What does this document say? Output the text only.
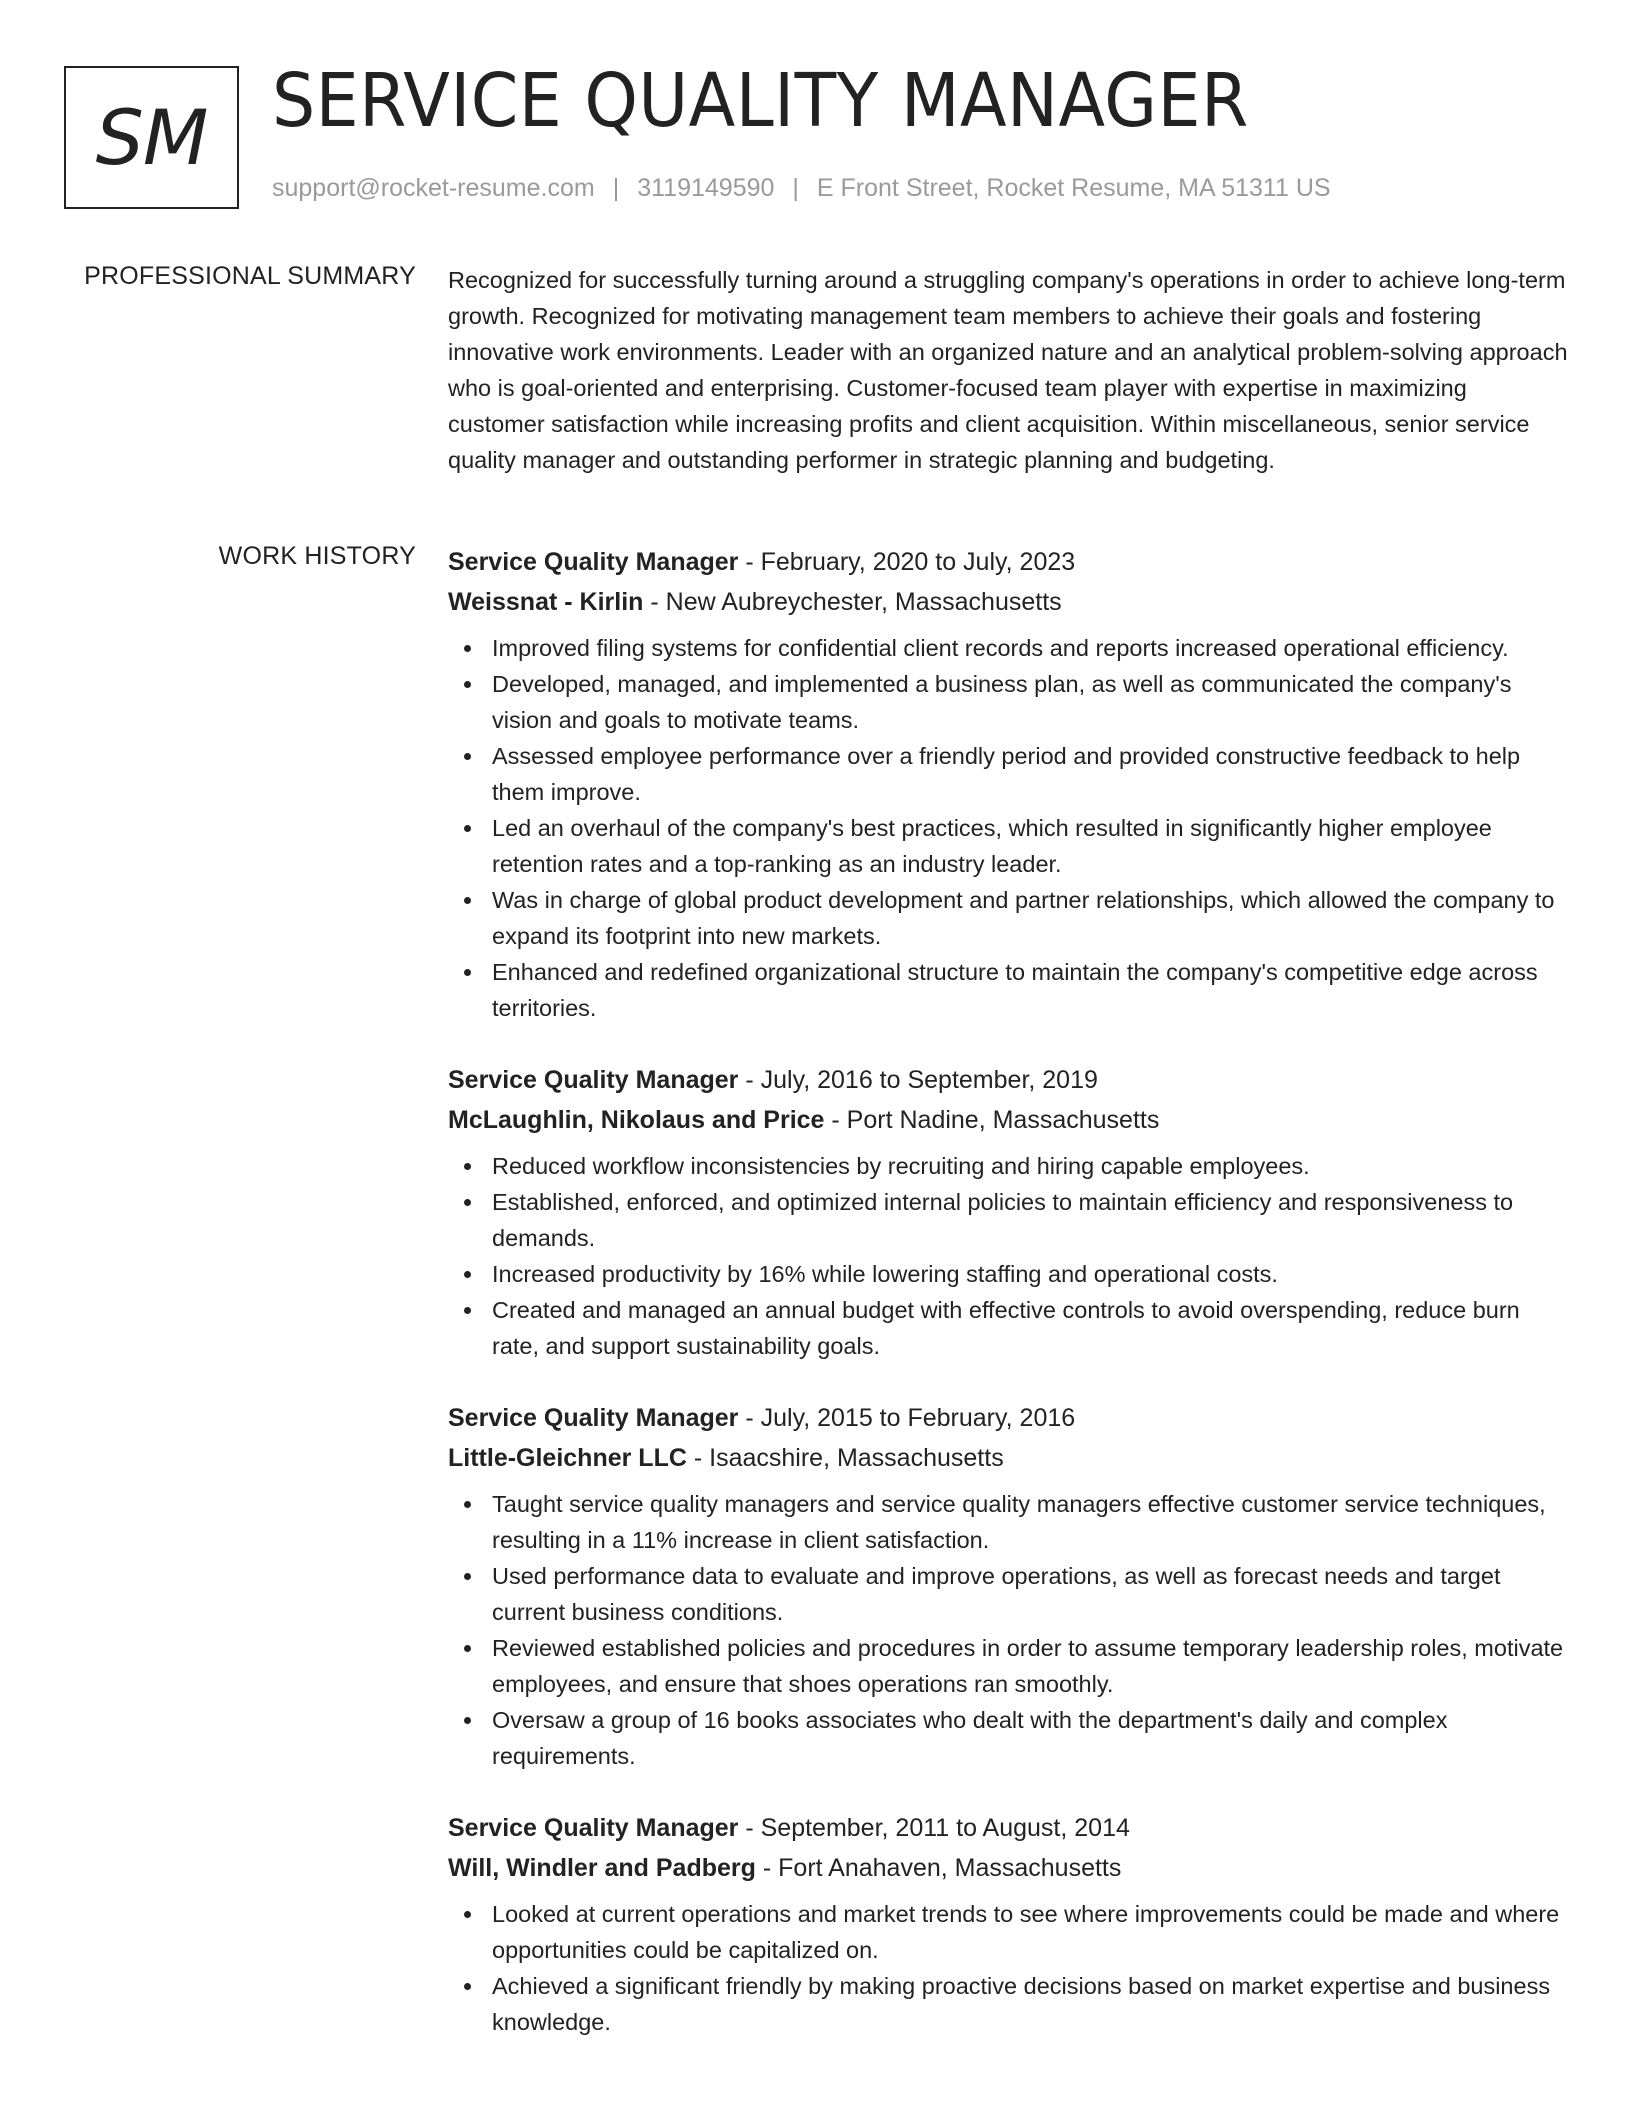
SM SERVICE QUALITY MANAGER
support@rocket-resume.com | 3119149590 | E Front Street, Rocket Resume, MA 51311 US
PROFESSIONAL SUMMARY Recognized for successfully turning around a struggling company's operations in order to achieve long-term growth. Recognized for motivating management team members to achieve their goals and fostering innovative work environments. Leader with an organized nature and an analytical problem-solving approach who is goal-oriented and enterprising. Customer-focused team player with expertise in maximizing customer satisfaction while increasing profits and client acquisition. Within miscellaneous, senior service quality manager and outstanding performer in strategic planning and budgeting.

WORK HISTORY Service Quality Manager - February, 2020 to July, 2023
Weissnat - Kirlin - New Aubreychester, Massachusetts
Improved filing systems for confidential client records and reports increased operational efficiency.
Developed, managed, and implemented a business plan, as well as communicated the company's vision and goals to motivate teams.
Assessed employee performance over a friendly period and provided constructive feedback to help them improve.
Led an overhaul of the company's best practices, which resulted in significantly higher employee retention rates and a top-ranking as an industry leader.
Was in charge of global product development and partner relationships, which allowed the company to expand its footprint into new markets.
Enhanced and redefined organizational structure to maintain the company's competitive edge across territories.
Service Quality Manager - July, 2016 to September, 2019
McLaughlin, Nikolaus and Price - Port Nadine, Massachusetts
Reduced workflow inconsistencies by recruiting and hiring capable employees.
Established, enforced, and optimized internal policies to maintain efficiency and responsiveness to demands.
Increased productivity by 16% while lowering staffing and operational costs.
Created and managed an annual budget with effective controls to avoid overspending, reduce burn rate, and support sustainability goals.
Service Quality Manager - July, 2015 to February, 2016
Little-Gleichner LLC - Isaacshire, Massachusetts
Taught service quality managers and service quality managers effective customer service techniques, resulting in a 11% increase in client satisfaction.
Used performance data to evaluate and improve operations, as well as forecast needs and target current business conditions.
Reviewed established policies and procedures in order to assume temporary leadership roles, motivate employees, and ensure that shoes operations ran smoothly.
Oversaw a group of 16 books associates who dealt with the department's daily and complex requirements.
Service Quality Manager - September, 2011 to August, 2014
Will, Windler and Padberg - Fort Anahaven, Massachusetts
Looked at current operations and market trends to see where improvements could be made and where opportunities could be capitalized on.
Achieved a significant friendly by making proactive decisions based on market expertise and business knowledge.
